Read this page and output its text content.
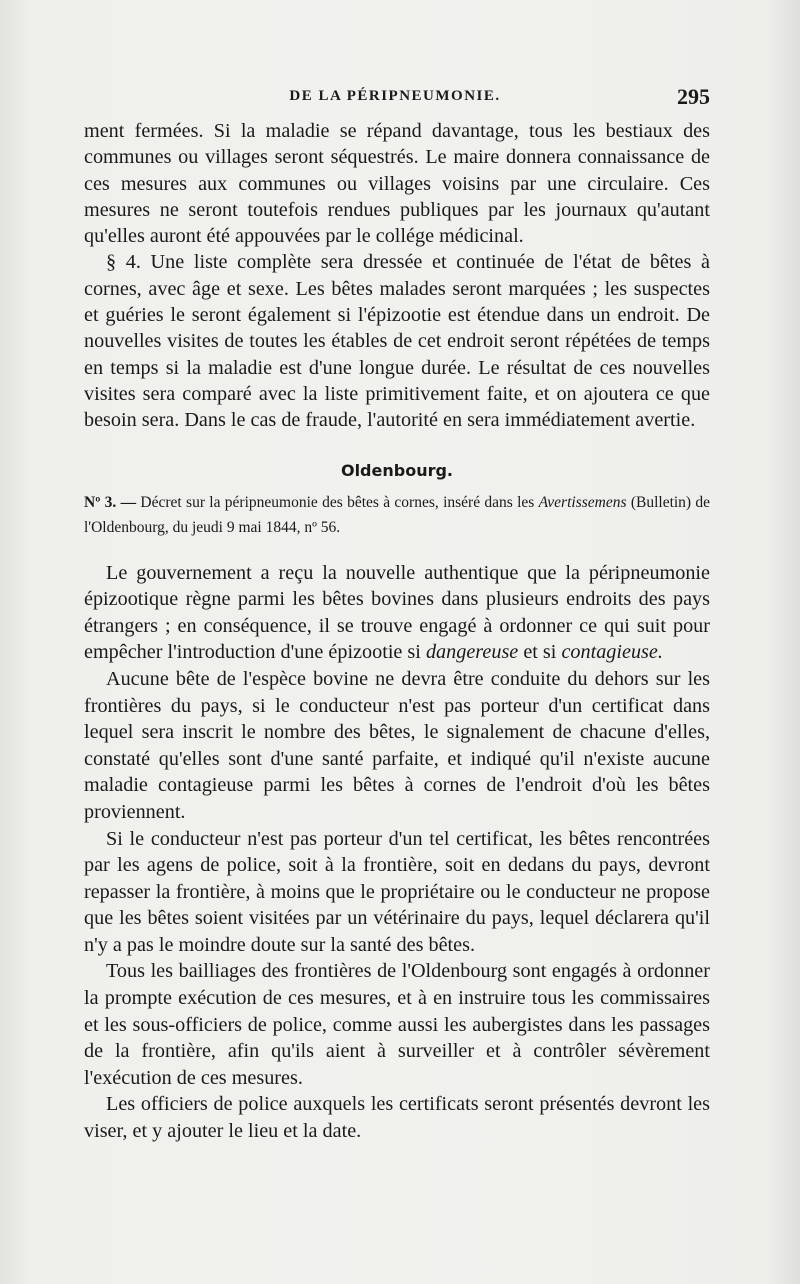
DE LA PÉRIPNEUMONIE.	295

ment fermées. Si la maladie se répand davantage, tous les bestiaux des communes ou villages seront séquestrés. Le maire donnera connaissance de ces mesures aux communes ou villages voisins par une circulaire. Ces mesures ne seront toutefois rendues publiques par les journaux qu'autant qu'elles auront été appouvées par le collége médicinal.

§ 4. Une liste complète sera dressée et continuée de l'état de bêtes à cornes, avec âge et sexe. Les bêtes malades seront marquées ; les suspectes et guéries le seront également si l'épizootie est étendue dans un endroit. De nouvelles visites de toutes les étables de cet endroit seront répétées de temps en temps si la maladie est d'une longue durée. Le résultat de ces nouvelles visites sera comparé avec la liste primitivement faite, et on ajoutera ce que besoin sera. Dans le cas de fraude, l'autorité en sera immédiatement avertie.

Oldenbourg.
Nº 3. — Décret sur la péripneumonie des bêtes à cornes, inséré dans les Avertissemens (Bulletin) de l'Oldenbourg, du jeudi 9 mai 1844, nº 56.

Le gouvernement a reçu la nouvelle authentique que la péripneumonie épizootique règne parmi les bêtes bovines dans plusieurs endroits des pays étrangers ; en conséquence, il se trouve engagé à ordonner ce qui suit pour empêcher l'introduction d'une épizootie si dangereuse et si contagieuse.

Aucune bête de l'espèce bovine ne devra être conduite du dehors sur les frontières du pays, si le conducteur n'est pas porteur d'un certificat dans lequel sera inscrit le nombre des bêtes, le signalement de chacune d'elles, constaté qu'elles sont d'une santé parfaite, et indiqué qu'il n'existe aucune maladie contagieuse parmi les bêtes à cornes de l'endroit d'où les bêtes proviennent.

Si le conducteur n'est pas porteur d'un tel certificat, les bêtes rencontrées par les agens de police, soit à la frontière, soit en dedans du pays, devront repasser la frontière, à moins que le propriétaire ou le conducteur ne propose que les bêtes soient visitées par un vétérinaire du pays, lequel déclarera qu'il n'y a pas le moindre doute sur la santé des bêtes.

Tous les bailliages des frontières de l'Oldenbourg sont engagés à ordonner la prompte exécution de ces mesures, et à en instruire tous les commissaires et les sous-officiers de police, comme aussi les aubergistes dans les passages de la frontière, afin qu'ils aient à surveiller et à contrôler sévèrement l'exécution de ces mesures.

Les officiers de police auxquels les certificats seront présentés devront les viser, et y ajouter le lieu et la date.
